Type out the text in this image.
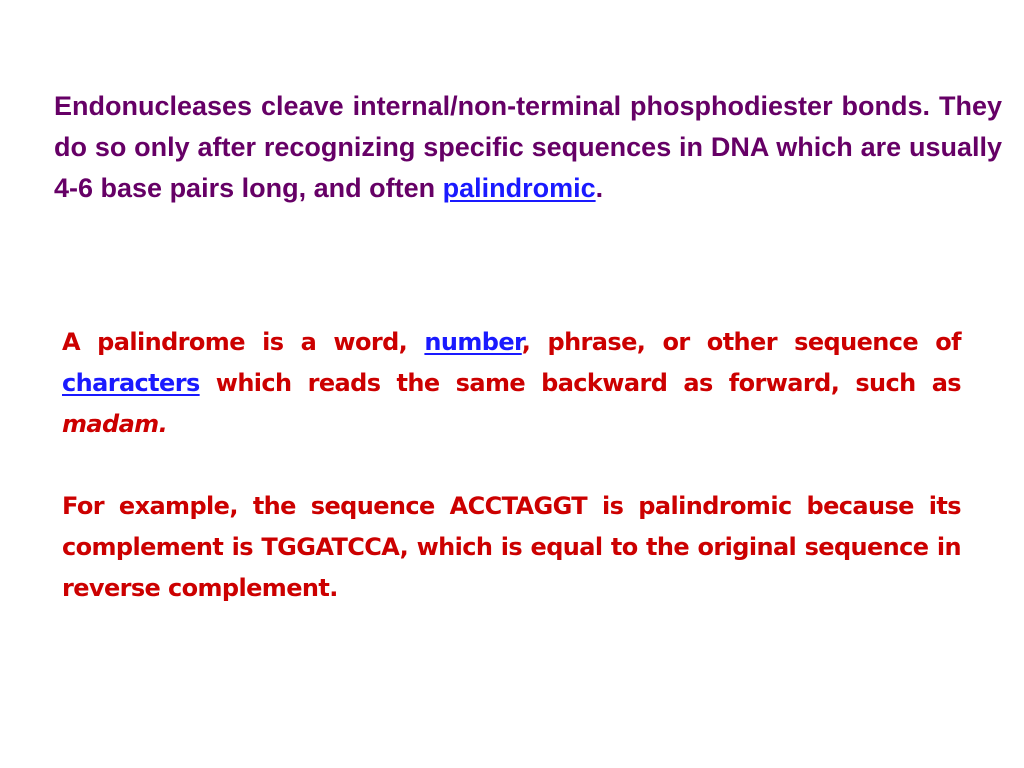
Endonucleases cleave internal/non-terminal phosphodiester bonds. They do so only after recognizing specific sequences in DNA which are usually 4-6 base pairs long, and often palindromic.

A palindrome is a word, number, phrase, or other sequence of characters which reads the same backward as forward, such as madam.

For example, the sequence ACCTAGGT is palindromic because its complement is TGGATCCA, which is equal to the original sequence in reverse complement.
